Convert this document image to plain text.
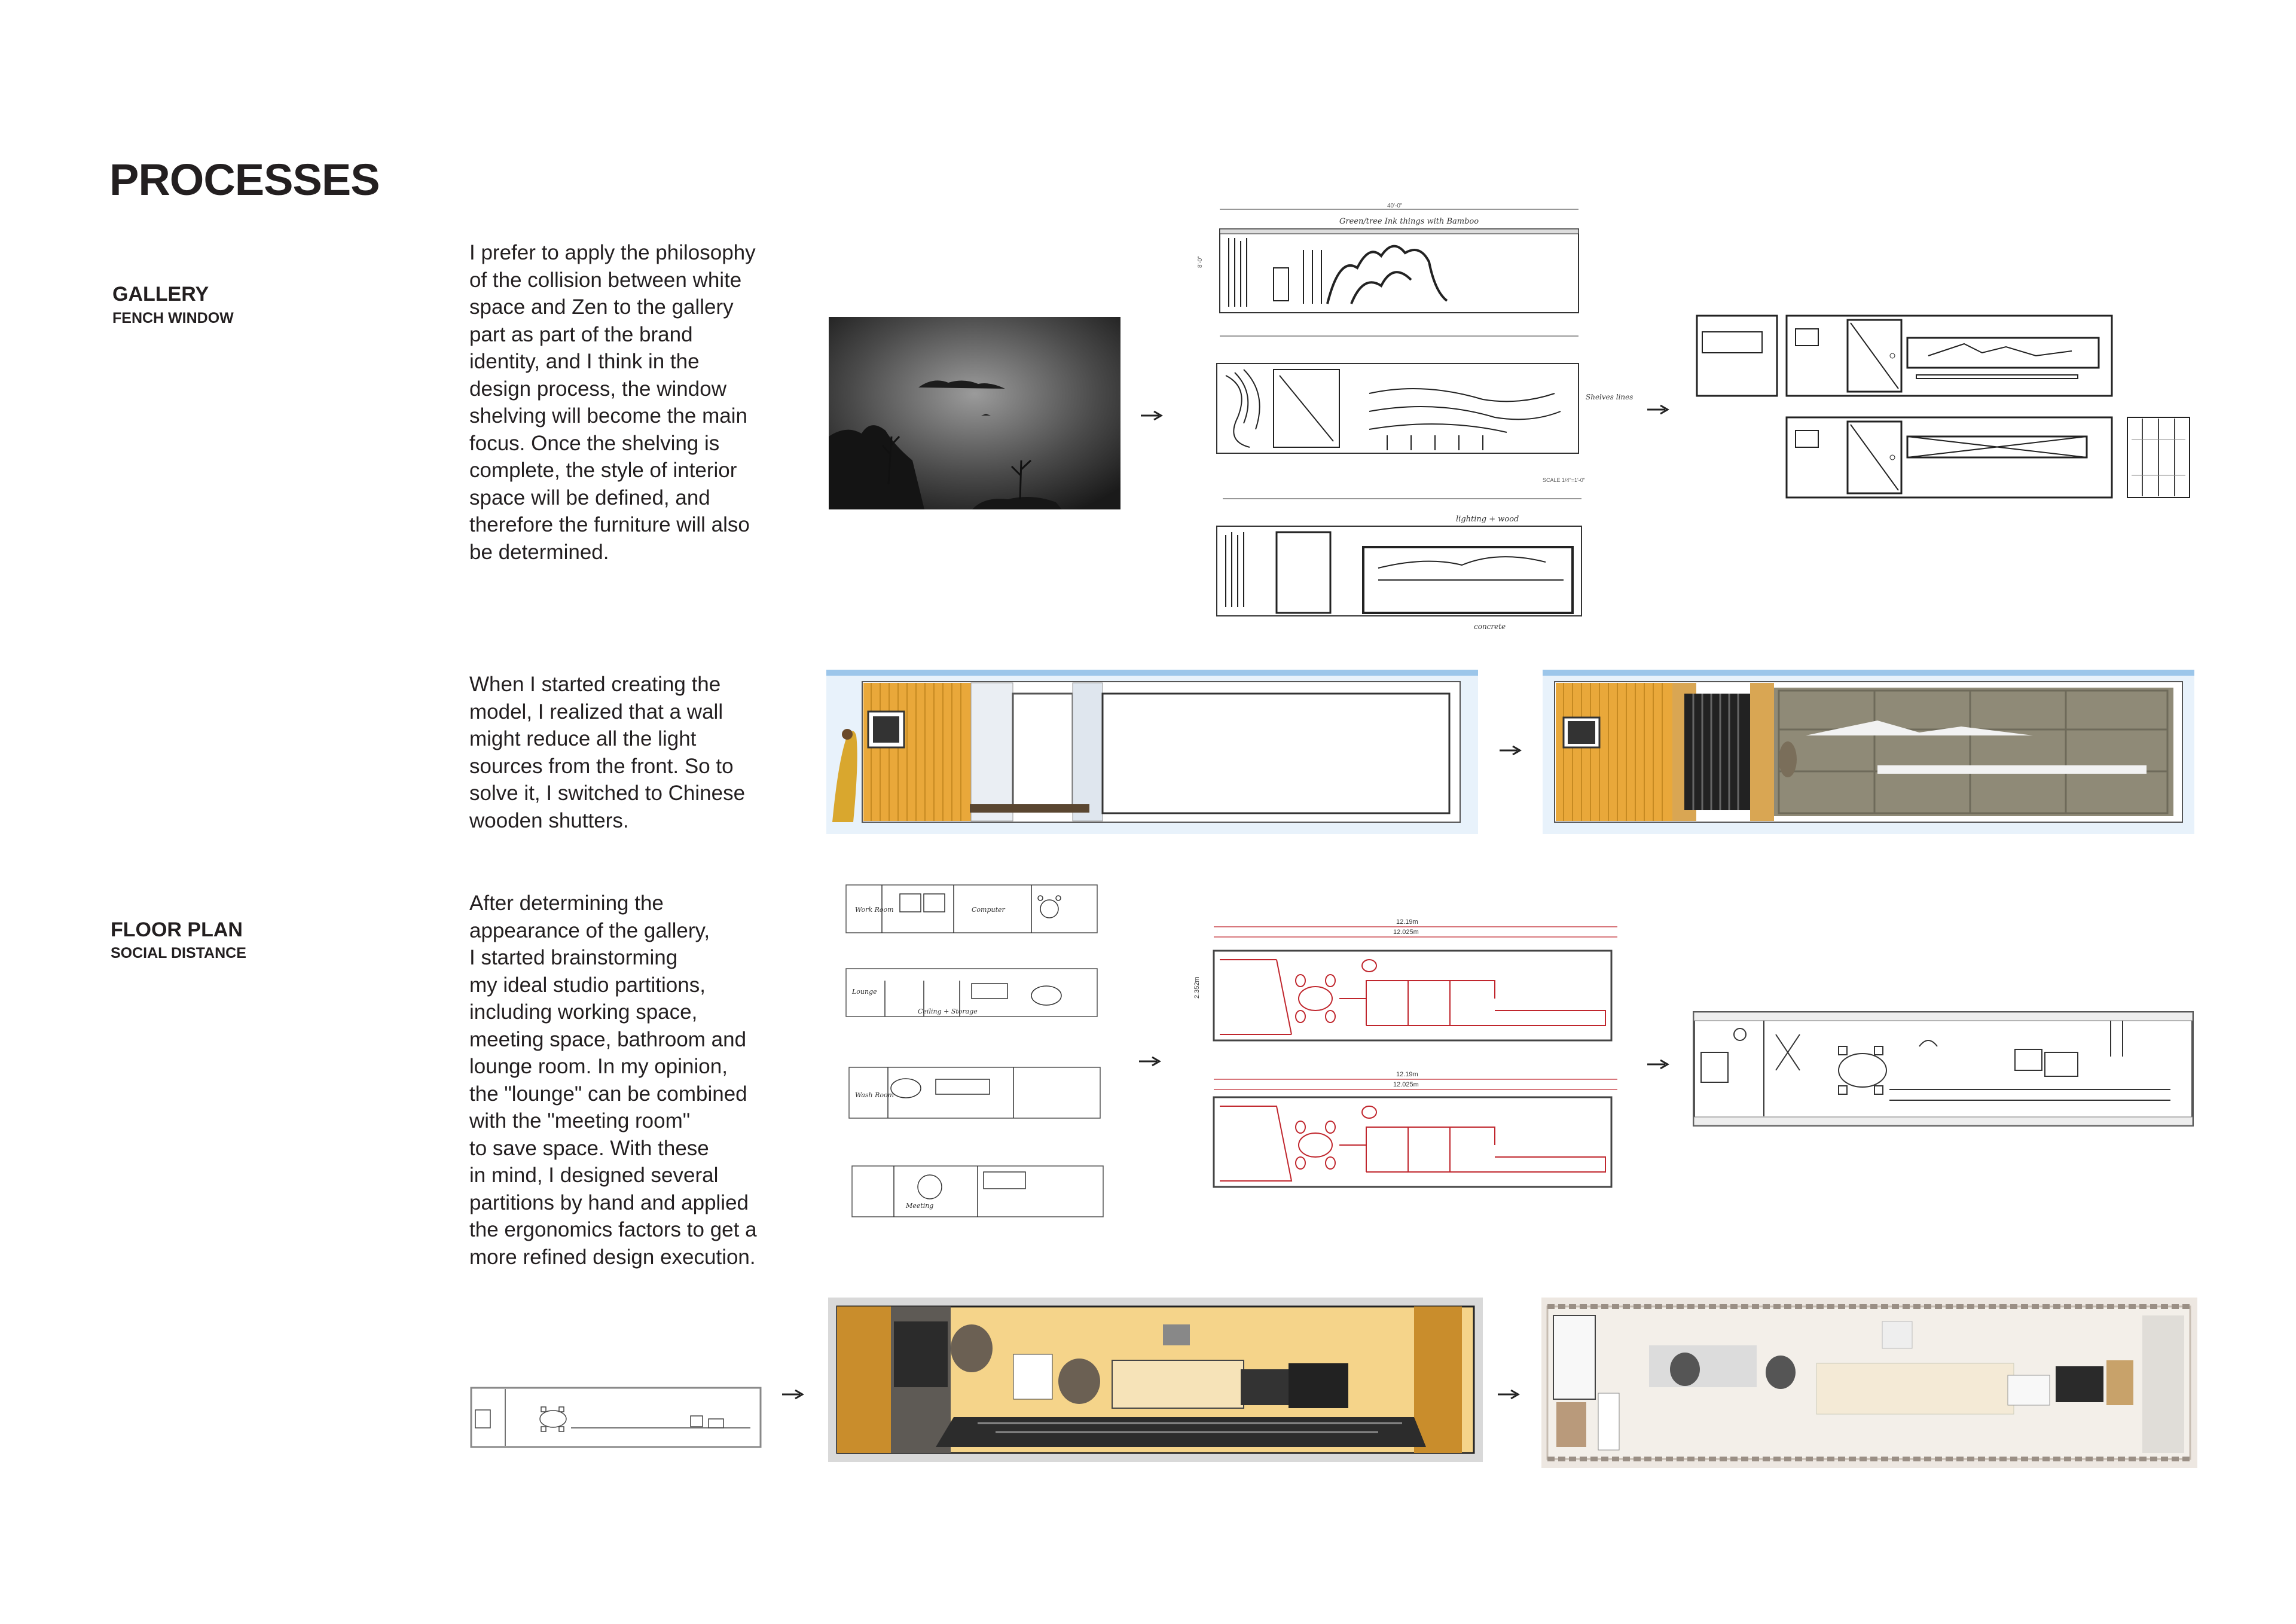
PROCESSES
GALLERY
FENCH WINDOW
FLOOR PLAN
SOCIAL DISTANCE
I prefer to apply the philosophy
of the collision between white
space and Zen to the gallery
part as part of the brand
identity, and I think in the
design process, the window
shelving will become the main
focus. Once the shelving is
complete, the style of interior
space will be defined, and
therefore the furniture will also
be determined.
When I started creating the
model, I realized that a wall
might reduce all the light
sources from the front. So to
solve it, I switched to Chinese
wooden shutters.
After determining the
appearance of the gallery,
I started brainstorming
my ideal studio partitions,
including working space,
meeting space, bathroom and
lounge room. In my opinion,
the "lounge" can be combined
with the "meeting room"
to save space. With these
in mind, I designed several
partitions by hand and applied
the ergonomics factors to get a
more refined design execution.
40'-0"
Green/tree Ink things with Bamboo
8'-0"
Shelves lines
SCALE 1/4"=1'-0"
lighting + wood
concrete
Work Room
Lounge
Computer
Ceiling + Storage
Wash Room
Meeting
12.19m
12.025m
12.19m
12.025m
2.352m
